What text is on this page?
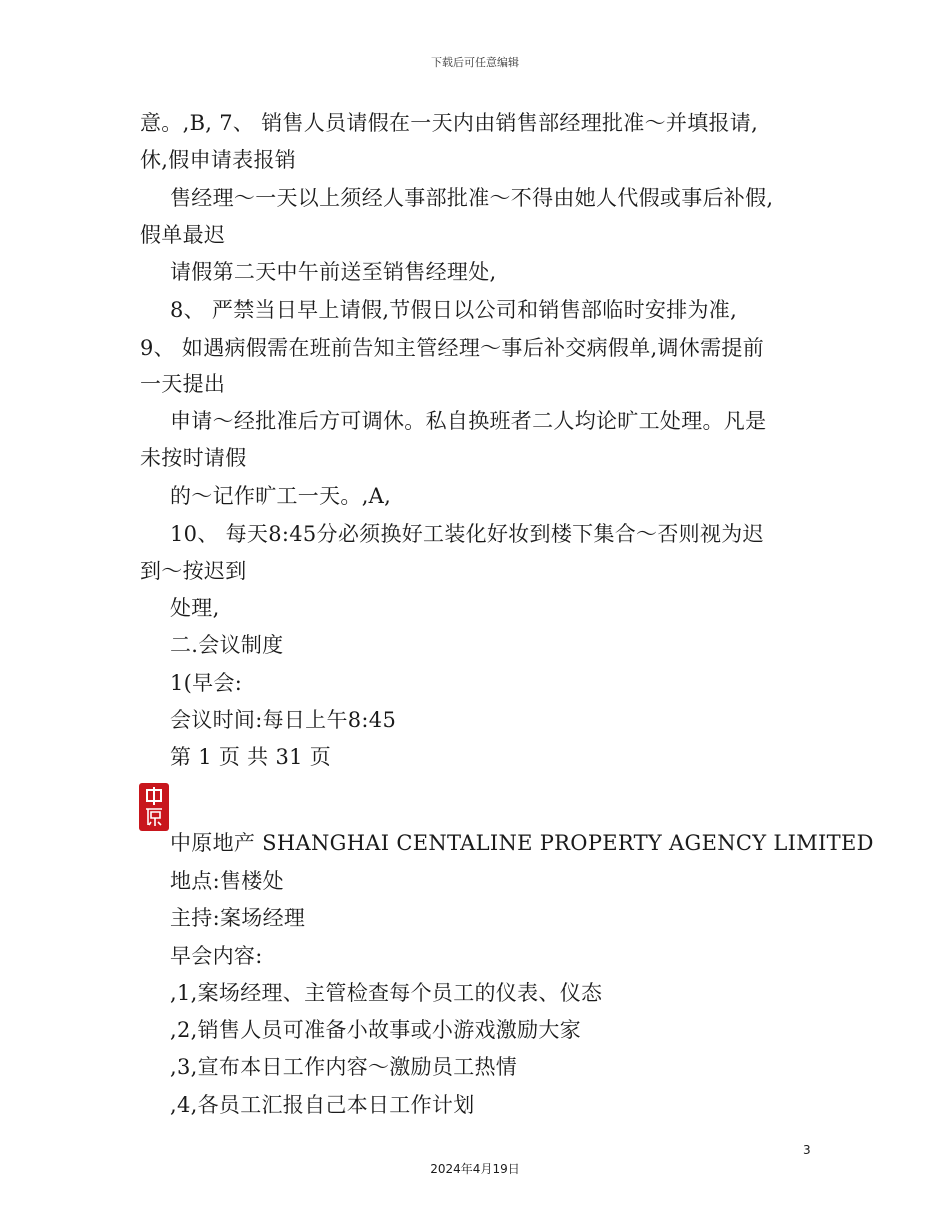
下载后可任意编辑
意。,B, 7、 销售人员请假在一天内由销售部经理批准～并填报请,
休,假申请表报销
售经理～一天以上须经人事部批准～不得由她人代假或事后补假,
假单最迟
请假第二天中午前送至销售经理处,
8、 严禁当日早上请假,节假日以公司和销售部临时安排为准,
9、 如遇病假需在班前告知主管经理～事后补交病假单,调休需提前
一天提出
申请～经批准后方可调休。私自换班者二人均论旷工处理。凡是
未按时请假
的～记作旷工一天。,A,
10、 每天8:45分必须换好工装化好妆到楼下集合～否则视为迟
到～按迟到
处理,
二.会议制度
1(早会:
会议时间:每日上午8:45
第 1 页 共 31 页
中原地产 SHANGHAI CENTALINE PROPERTY AGENCY LIMITED
地点:售楼处
主持:案场经理
早会内容:
,1,案场经理、主管检查每个员工的仪表、仪态
,2,销售人员可准备小故事或小游戏激励大家
,3,宣布本日工作内容～激励员工热情
,4,各员工汇报自己本日工作计划
3
2024年4月19日
